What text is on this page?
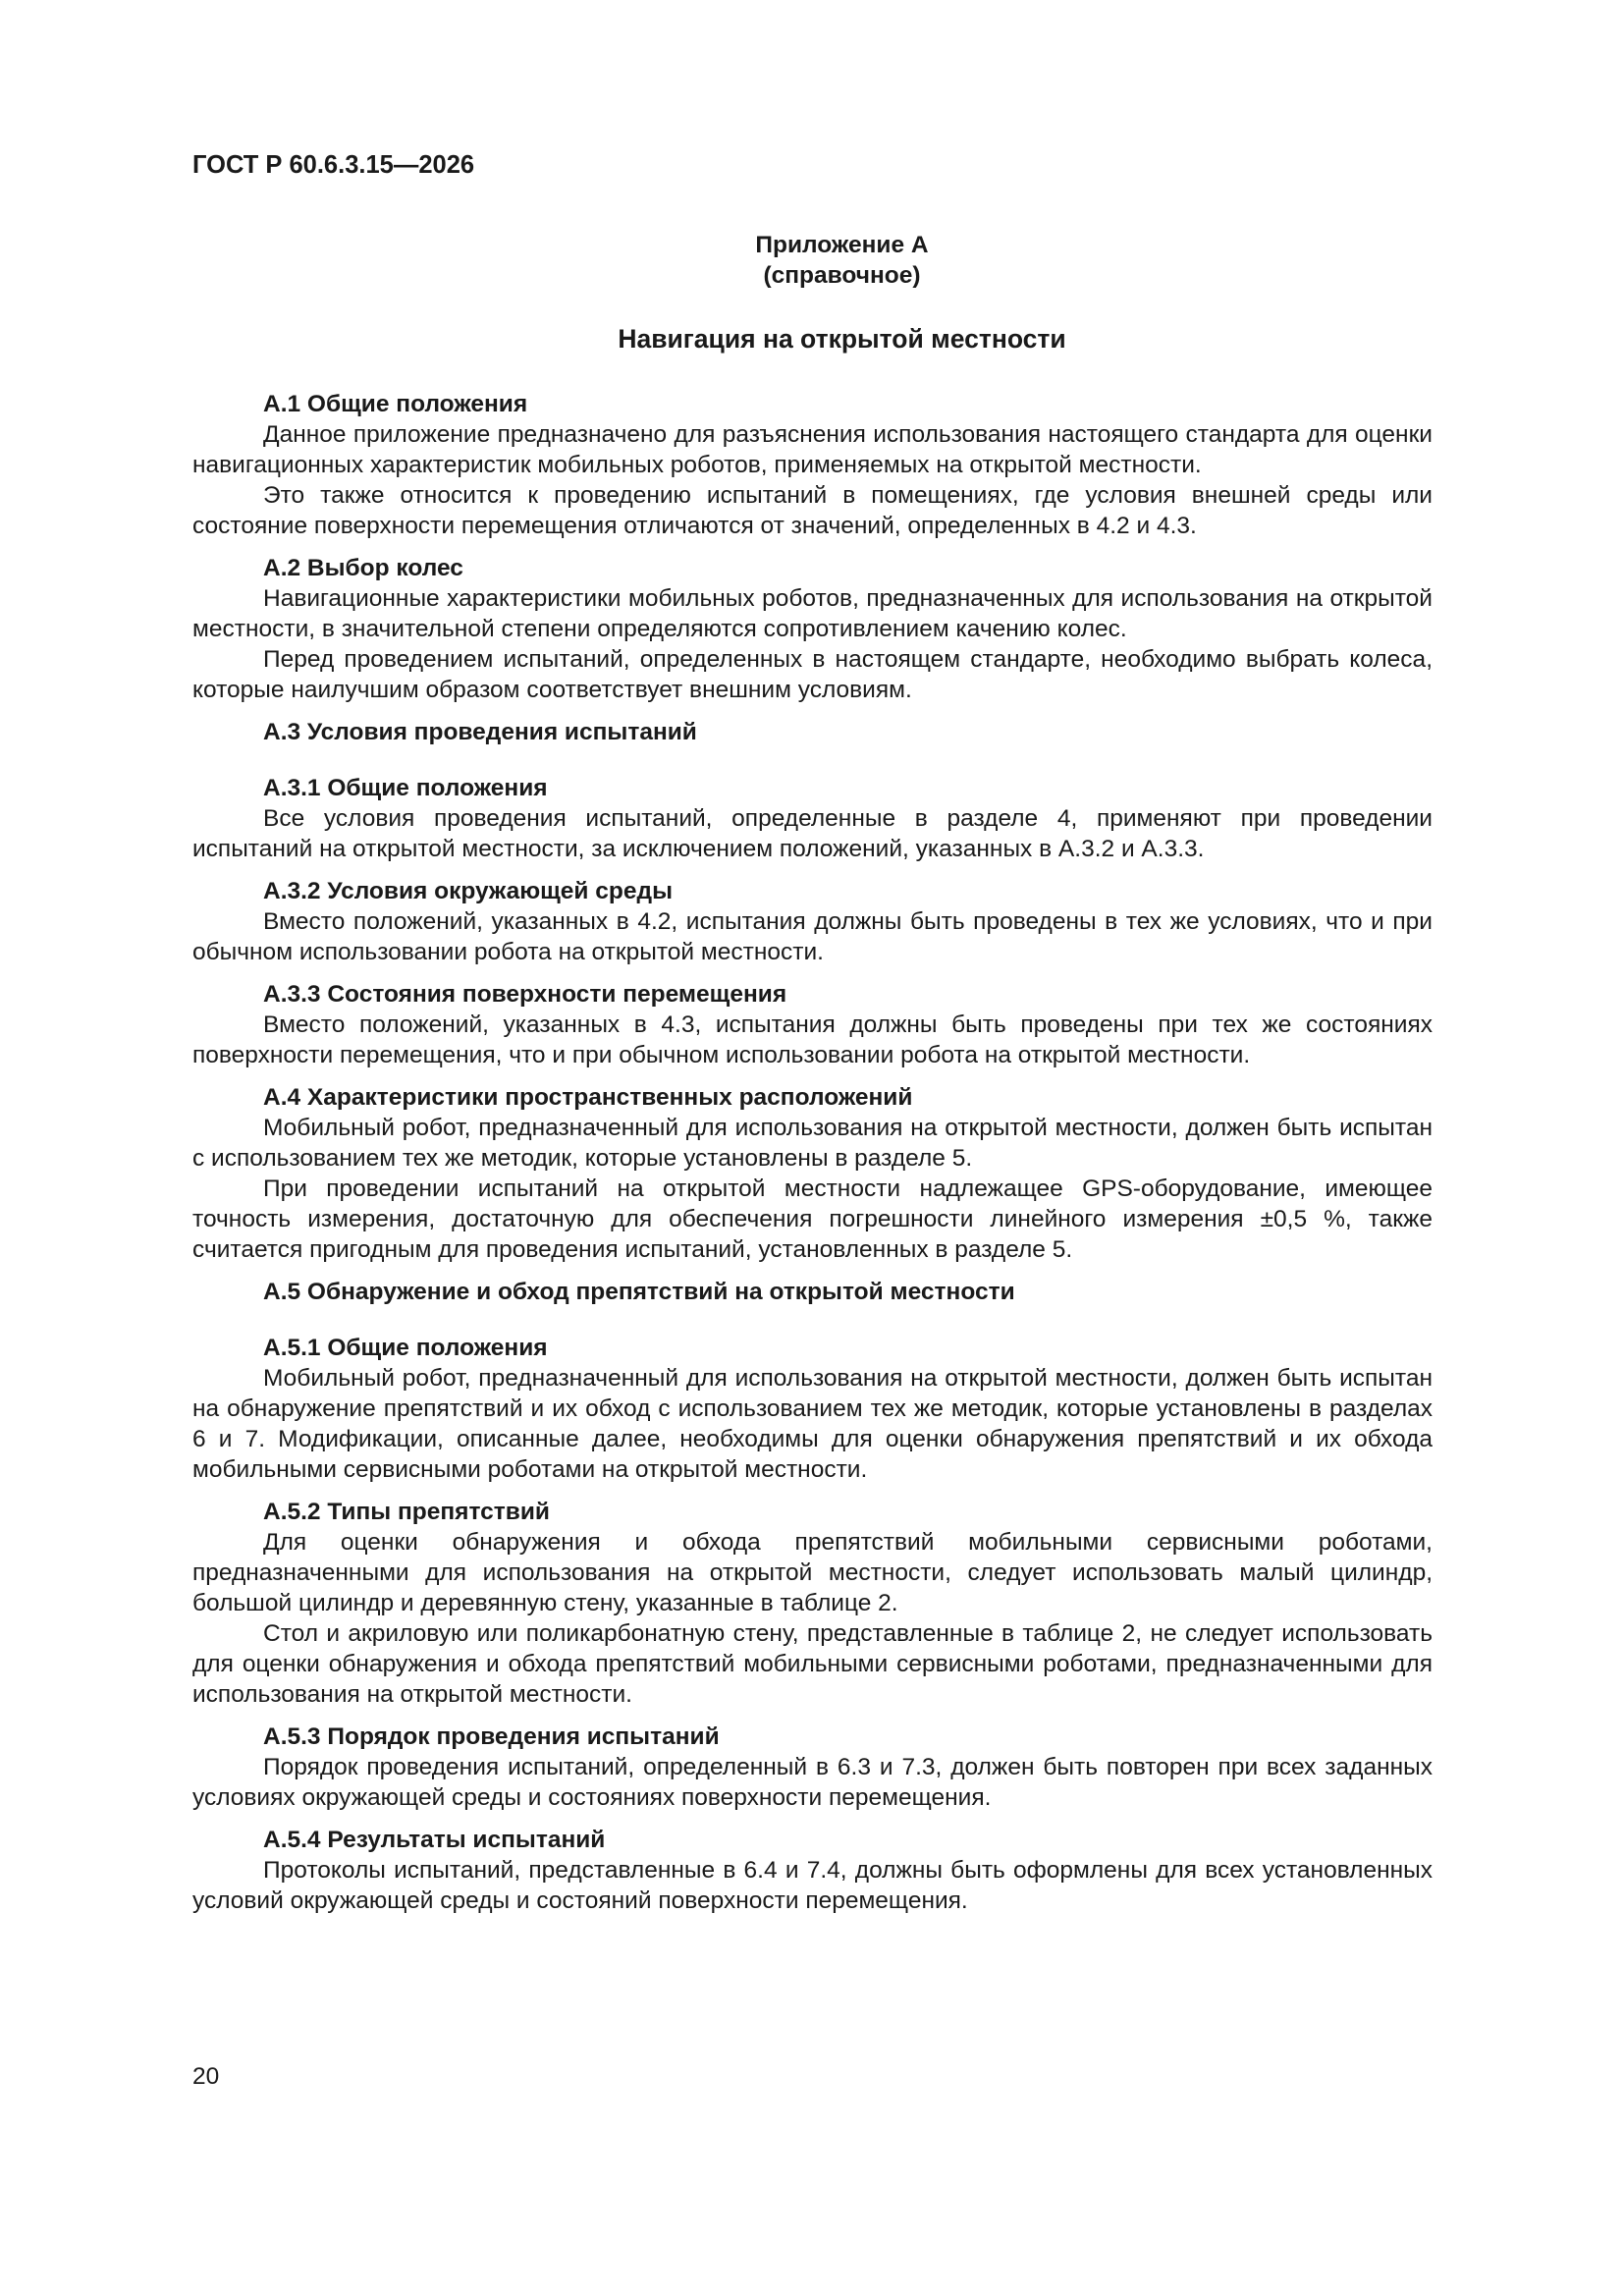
ГОСТ Р 60.6.3.15—2026
Приложение А
(справочное)
Навигация на открытой местности
А.1 Общие положения

Данное приложение предназначено для разъяснения использования настоящего стандарта для оценки навигационных характеристик мобильных роботов, применяемых на открытой местности.

Это также относится к проведению испытаний в помещениях, где условия внешней среды или состояние поверхности перемещения отличаются от значений, определенных в 4.2 и 4.3.

А.2 Выбор колес

Навигационные характеристики мобильных роботов, предназначенных для использования на открытой местности, в значительной степени определяются сопротивлением качению колес.

Перед проведением испытаний, определенных в настоящем стандарте, необходимо выбрать колеса, которые наилучшим образом соответствует внешним условиям.

А.3 Условия проведения испытаний
А.3.1 Общие положения

Все условия проведения испытаний, определенные в разделе 4, применяют при проведении испытаний на открытой местности, за исключением положений, указанных в А.3.2 и А.3.3.

А.3.2 Условия окружающей среды

Вместо положений, указанных в 4.2, испытания должны быть проведены в тех же условиях, что и при обычном использовании робота на открытой местности.

А.3.3 Состояния поверхности перемещения

Вместо положений, указанных в 4.3, испытания должны быть проведены при тех же состояниях поверхности перемещения, что и при обычном использовании робота на открытой местности.

А.4 Характеристики пространственных расположений

Мобильный робот, предназначенный для использования на открытой местности, должен быть испытан с использованием тех же методик, которые установлены в разделе 5.

При проведении испытаний на открытой местности надлежащее GPS-оборудование, имеющее точность измерения, достаточную для обеспечения погрешности линейного измерения ±0,5 %, также считается пригодным для проведения испытаний, установленных в разделе 5.

А.5 Обнаружение и обход препятствий на открытой местности
А.5.1 Общие положения

Мобильный робот, предназначенный для использования на открытой местности, должен быть испытан на обнаружение препятствий и их обход с использованием тех же методик, которые установлены в разделах 6 и 7. Модификации, описанные далее, необходимы для оценки обнаружения препятствий и их обхода мобильными сервисными роботами на открытой местности.

А.5.2 Типы препятствий

Для оценки обнаружения и обхода препятствий мобильными сервисными роботами, предназначенными для использования на открытой местности, следует использовать малый цилиндр, большой цилиндр и деревянную стену, указанные в таблице 2.

Стол и акриловую или поликарбонатную стену, представленные в таблице 2, не следует использовать для оценки обнаружения и обхода препятствий мобильными сервисными роботами, предназначенными для использования на открытой местности.

А.5.3 Порядок проведения испытаний

Порядок проведения испытаний, определенный в 6.3 и 7.3, должен быть повторен при всех заданных условиях окружающей среды и состояниях поверхности перемещения.

А.5.4 Результаты испытаний

Протоколы испытаний, представленные в 6.4 и 7.4, должны быть оформлены для всех установленных условий окружающей среды и состояний поверхности перемещения.

20
